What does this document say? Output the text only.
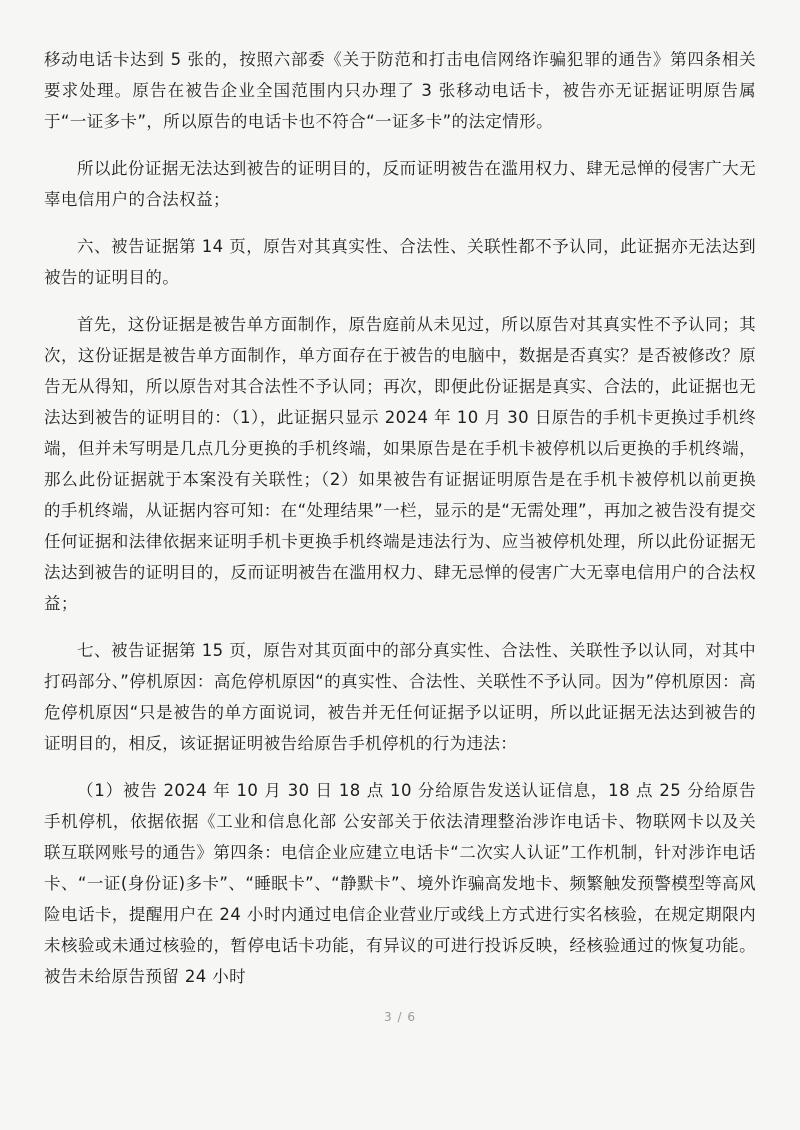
移动电话卡达到 5 张的，按照六部委《关于防范和打击电信网络诈骗犯罪的通告》第四条相关要求处理。原告在被告企业全国范围内只办理了 3 张移动电话卡，被告亦无证据证明原告属于“一证多卡”，所以原告的电话卡也不符合“一证多卡”的法定情形。

所以此份证据无法达到被告的证明目的，反而证明被告在滥用权力、肆无忌惮的侵害广大无辜电信用户的合法权益；

六、被告证据第 14 页，原告对其真实性、合法性、关联性都不予认同，此证据亦无法达到被告的证明目的。

首先，这份证据是被告单方面制作，原告庭前从未见过，所以原告对其真实性不予认同；其次，这份证据是被告单方面制作，单方面存在于被告的电脑中，数据是否真实？是否被修改？原告无从得知，所以原告对其合法性不予认同；再次，即便此份证据是真实、合法的，此证据也无法达到被告的证明目的：（1），此证据只显示 2024 年 10 月 30 日原告的手机卡更换过手机终端，但并未写明是几点几分更换的手机终端，如果原告是在手机卡被停机以后更换的手机终端，那么此份证据就于本案没有关联性；（2）如果被告有证据证明原告是在手机卡被停机以前更换的手机终端，从证据内容可知：在“处理结果”一栏，显示的是“无需处理”，再加之被告没有提交任何证据和法律依据来证明手机卡更换手机终端是违法行为、应当被停机处理，所以此份证据无法达到被告的证明目的，反而证明被告在滥用权力、肆无忌惮的侵害广大无辜电信用户的合法权益；

七、被告证据第 15 页，原告对其页面中的部分真实性、合法性、关联性予以认同，对其中打码部分、”停机原因：高危停机原因“的真实性、合法性、关联性不予认同。因为”停机原因：高危停机原因“只是被告的单方面说词，被告并无任何证据予以证明，所以此证据无法达到被告的证明目的，相反，该证据证明被告给原告手机停机的行为违法：

（1）被告 2024 年 10 月 30 日 18 点 10 分给原告发送认证信息，18 点 25 分给原告手机停机，依据依据《工业和信息化部 公安部关于依法清理整治涉诈电话卡、物联网卡以及关联互联网账号的通告》第四条：电信企业应建立电话卡“二次实人认证”工作机制，针对涉诈电话卡、“一证(身份证)多卡”、“睡眠卡”、“静默卡”、境外诈骗高发地卡、频繁触发预警模型等高风险电话卡，提醒用户在 24 小时内通过电信企业营业厅或线上方式进行实名核验，在规定期限内未核验或未通过核验的，暂停电话卡功能，有异议的可进行投诉反映，经核验通过的恢复功能。被告未给原告预留 24 小时

3 / 6
